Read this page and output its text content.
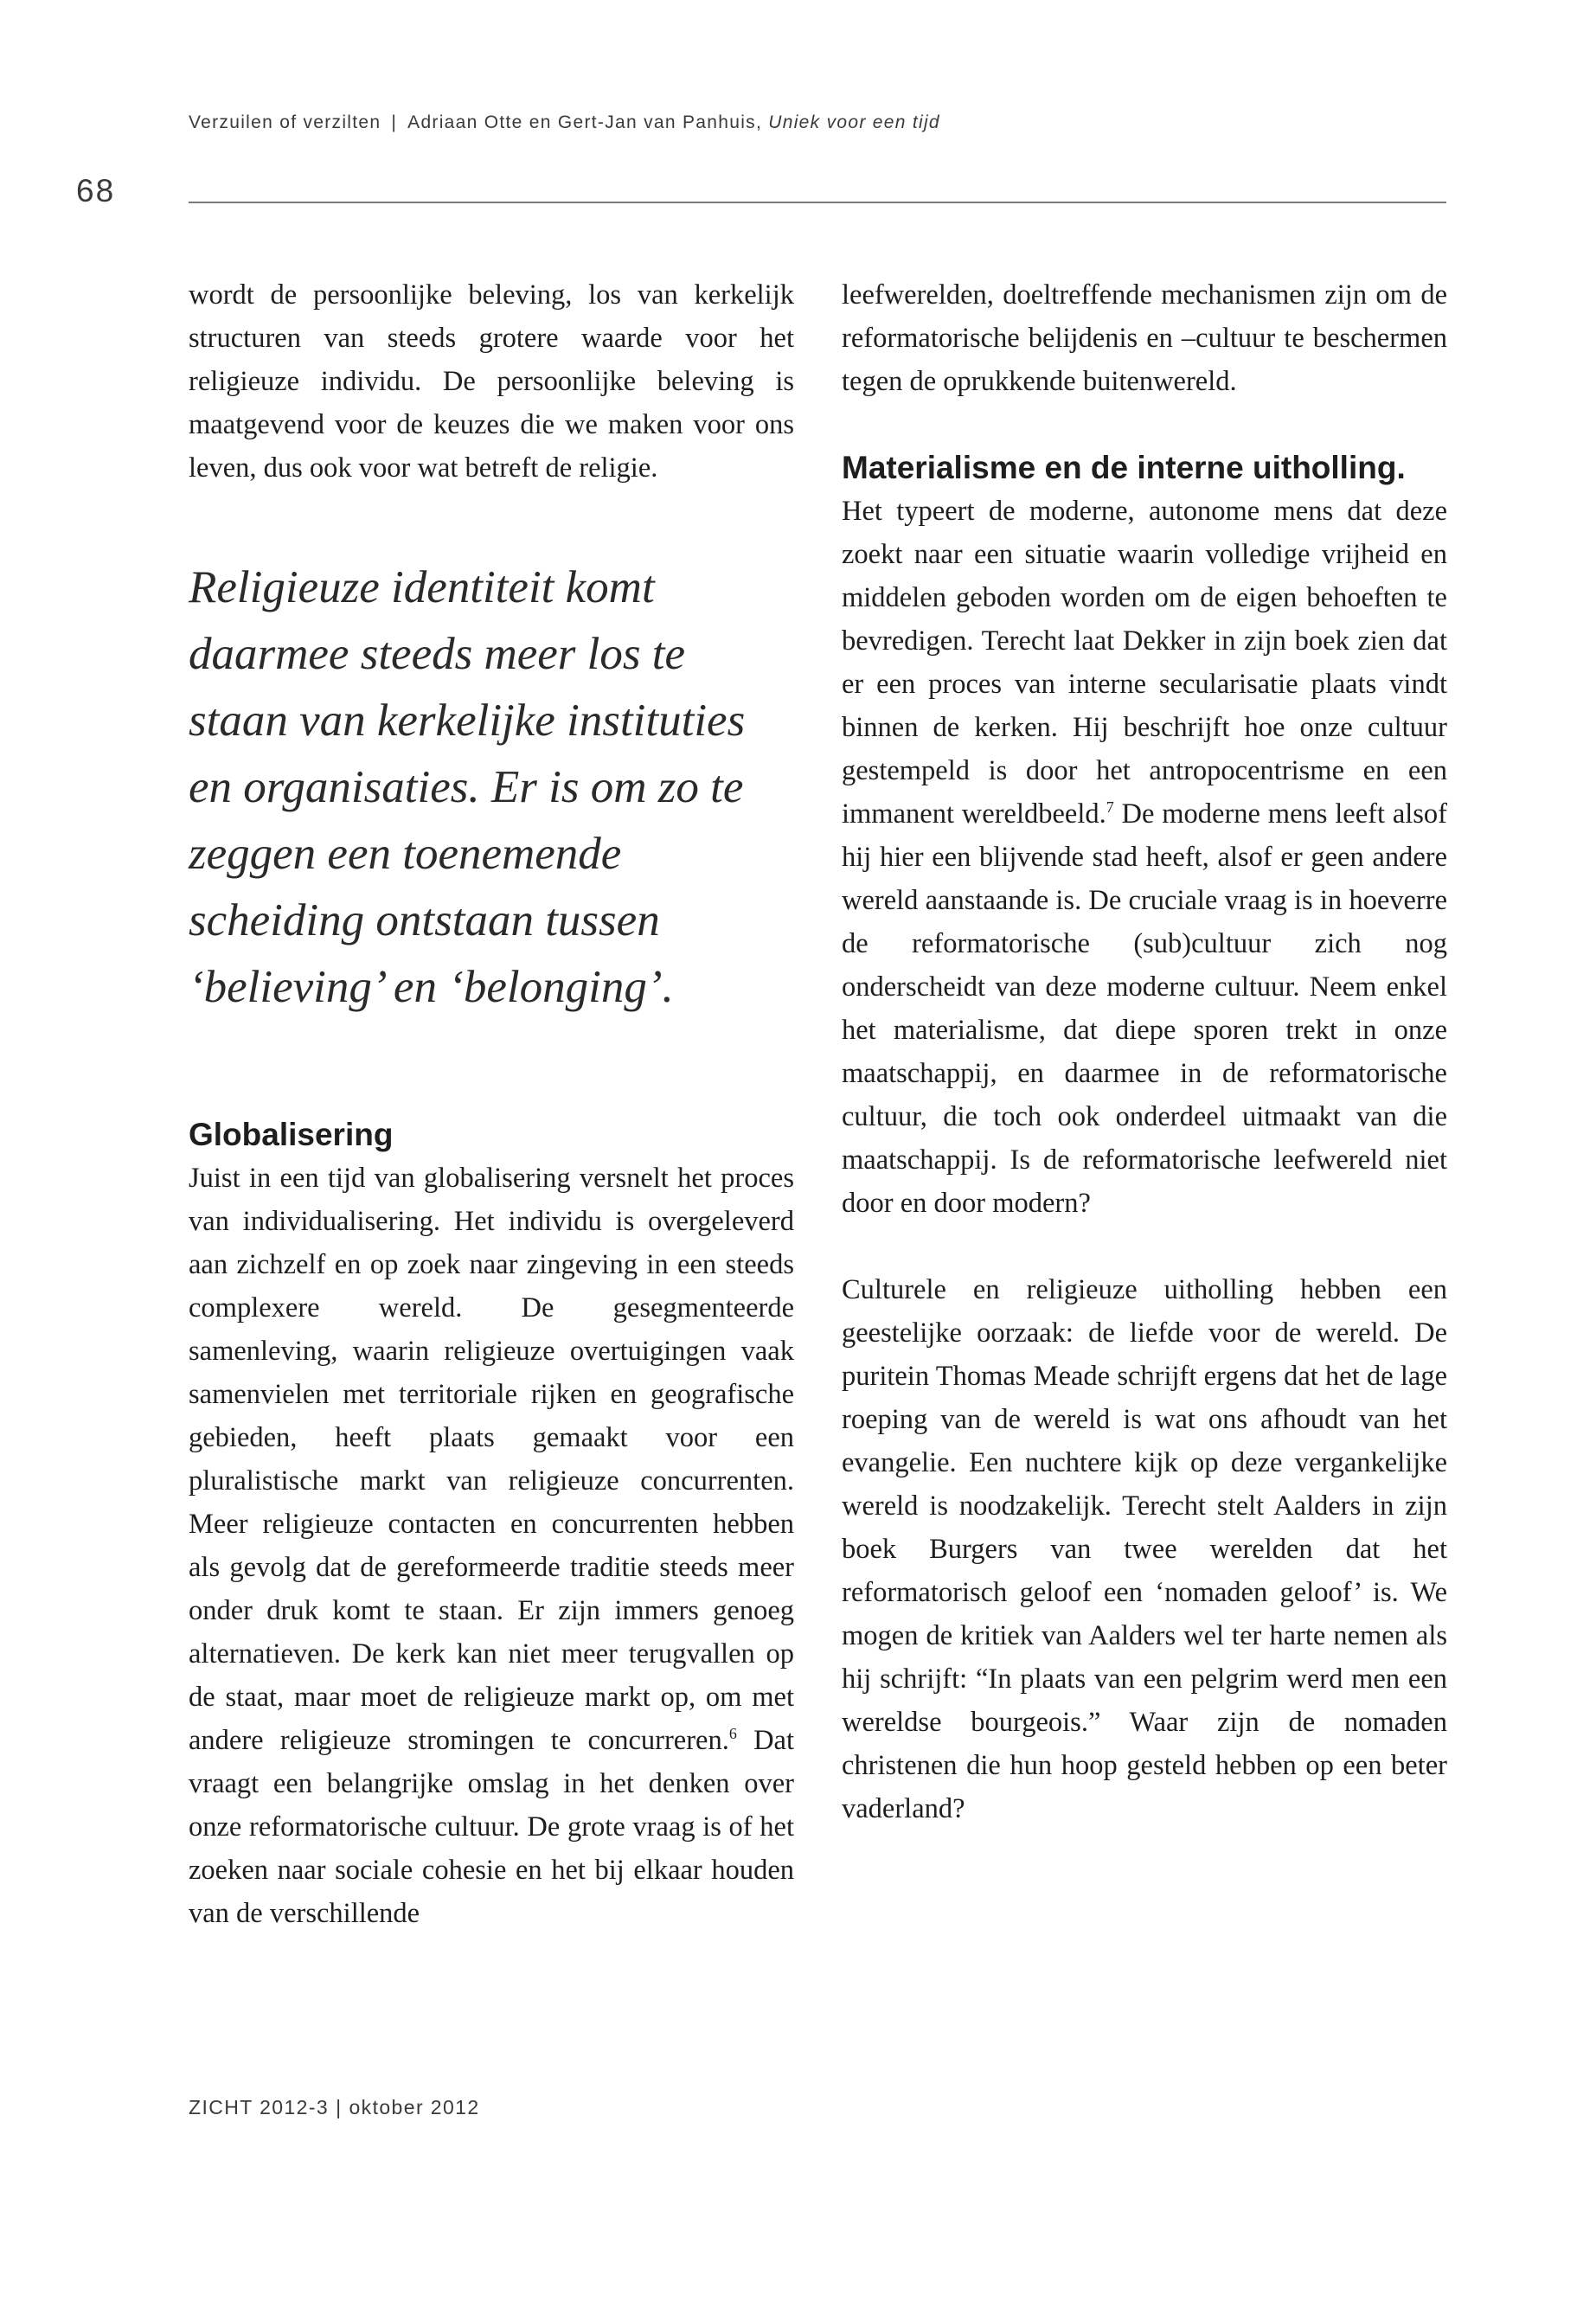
Verzuilen of verzilten | Adriaan Otte en Gert-Jan van Panhuis, Uniek voor een tijd
68

wordt de persoonlijke beleving, los van kerkelijk structuren van steeds grotere waarde voor het religieuze individu. De persoonlijke beleving is maatgevend voor de keuzes die we maken voor ons leven, dus ook voor wat betreft de religie.

Religieuze identiteit komt daarmee steeds meer los te staan van kerkelijke instituties en organisaties. Er is om zo te zeggen een toenemende scheiding ontstaan tussen ‘believing’ en ‘belonging’.

Globalisering

Juist in een tijd van globalisering versnelt het proces van individualisering. Het individu is overgeleverd aan zichzelf en op zoek naar zingeving in een steeds complexere wereld. De gesegmenteerde samenleving, waarin religieuze overtuigingen vaak samenvielen met territoriale rijken en geografische gebieden, heeft plaats gemaakt voor een pluralistische markt van religieuze concurrenten. Meer religieuze contacten en concurrenten hebben als gevolg dat de gereformeerde traditie steeds meer onder druk komt te staan. Er zijn immers genoeg alternatieven. De kerk kan niet meer terugvallen op de staat, maar moet de religieuze markt op, om met andere religieuze stromingen te concurreren.$^6$ Dat vraagt een belangrijke omslag in het denken over onze reformatorische cultuur. De grote vraag is of het zoeken naar sociale cohesie en het bij elkaar houden van de verschillende

leefwerelden, doeltreffende mechanismen zijn om de reformatorische belijdenis en –cultuur te beschermen tegen de oprukkende buitenwereld.

Materialisme en de interne uitholling.

Het typeert de moderne, autonome mens dat deze zoekt naar een situatie waarin volledige vrijheid en middelen geboden worden om de eigen behoeften te bevredigen. Terecht laat Dekker in zijn boek zien dat er een proces van interne secularisatie plaats vindt binnen de kerken. Hij beschrijft hoe onze cultuur gestempeld is door het antropocentrisme en een immanent wereldbeeld.$^7$ De moderne mens leeft alsof hij hier een blijvende stad heeft, alsof er geen andere wereld aanstaande is. De cruciale vraag is in hoeverre de reformatorische (sub)cultuur zich nog onderscheidt van deze moderne cultuur. Neem enkel het materialisme, dat diepe sporen trekt in onze maatschappij, en daarmee in de reformatorische cultuur, die toch ook onderdeel uitmaakt van die maatschappij. Is de reformatorische leefwereld niet door en door modern?

Culturele en religieuze uitholling hebben een geestelijke oorzaak: de liefde voor de wereld. De puritein Thomas Meade schrijft ergens dat het de lage roeping van de wereld is wat ons afhoudt van het evangelie. Een nuchtere kijk op deze vergankelijke wereld is noodzakelijk. Terecht stelt Aalders in zijn boek Burgers van twee werelden dat het reformatorisch geloof een ‘nomaden geloof’ is. We mogen de kritiek van Aalders wel ter harte nemen als hij schrijft: “In plaats van een pelgrim werd men een wereldse bourgeois.” Waar zijn de nomaden christenen die hun hoop gesteld hebben op een beter vaderland?

ZICHT 2012-3 | oktober 2012
